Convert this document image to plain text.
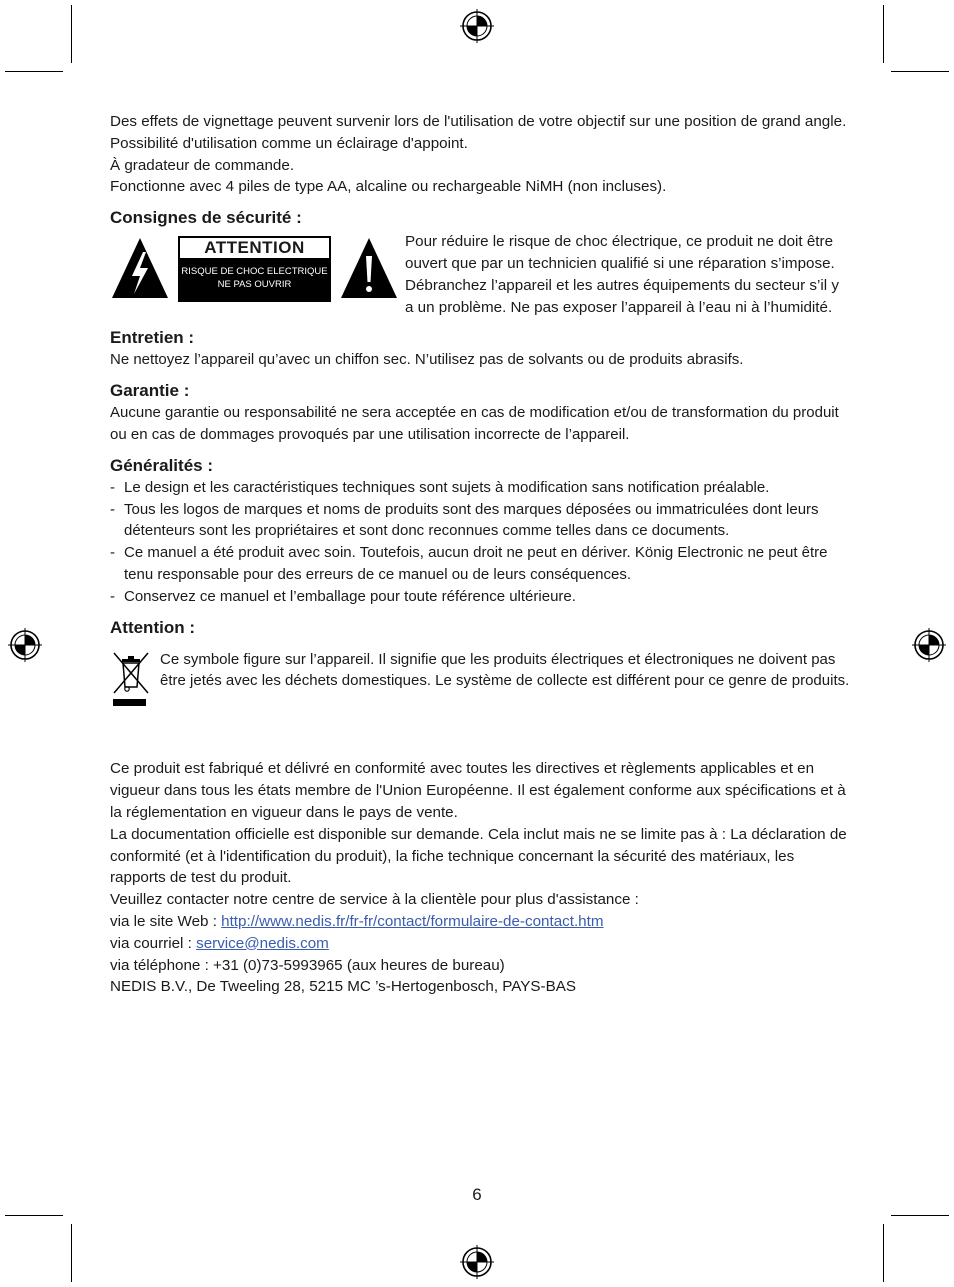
Des effets de vignettage peuvent survenir lors de l'utilisation de votre objectif sur une position de grand angle.

Possibilité d'utilisation comme un éclairage d'appoint.

À gradateur de commande.

Fonctionne avec 4 piles de type AA, alcaline ou rechargeable NiMH (non incluses).

Consignes de sécurité :
ATTENTION
RISQUE DE CHOC ELECTRIQUE
NE PAS OUVRIR

Pour réduire le risque de choc électrique, ce produit ne doit être ouvert que par un technicien qualifié si une réparation s’impose. Débranchez l’appareil et les autres équipements du secteur s’il y a un problème. Ne pas exposer l’appareil à l’eau ni à l’humidité.

Entretien :

Ne nettoyez l’appareil qu’avec un chiffon sec. N’utilisez pas de solvants ou de produits abrasifs.

Garantie :

Aucune garantie ou responsabilité ne sera acceptée en cas de modification et/ou de transformation du produit ou en cas de dommages provoqués par une utilisation incorrecte de l’appareil.

Généralités :
- Le design et les caractéristiques techniques sont sujets à modification sans notification préalable.
- Tous les logos de marques et noms de produits sont des marques déposées ou immatriculées dont leurs détenteurs sont les propriétaires et sont donc reconnues comme telles dans ce documents.
- Ce manuel a été produit avec soin. Toutefois, aucun droit ne peut en dériver. König Electronic ne peut être tenu responsable pour des erreurs de ce manuel ou de leurs conséquences.
- Conservez ce manuel et l’emballage pour toute référence ultérieure.
Attention :

Ce symbole figure sur l’appareil. Il signifie que les produits électriques et électroniques ne doivent pas être jetés avec les déchets domestiques. Le système de collecte est différent pour ce genre de produits.

Ce produit est fabriqué et délivré en conformité avec toutes les directives et règlements applicables et en vigueur dans tous les états membre de l'Union Européenne. Il est également conforme aux spécifications et à la réglementation en vigueur dans le pays de vente.

La documentation officielle est disponible sur demande. Cela inclut mais ne se limite pas à : La déclaration de conformité (et à l'identification du produit), la fiche technique concernant la sécurité des matériaux, les rapports de test du produit.

Veuillez contacter notre centre de service à la clientèle pour plus d'assistance :

via le site Web : http://www.nedis.fr/fr-fr/contact/formulaire-de-contact.htm

via courriel : service@nedis.com

via téléphone : +31 (0)73-5993965 (aux heures de bureau)

NEDIS B.V., De Tweeling 28, 5215 MC ’s-Hertogenbosch, PAYS-BAS

6
